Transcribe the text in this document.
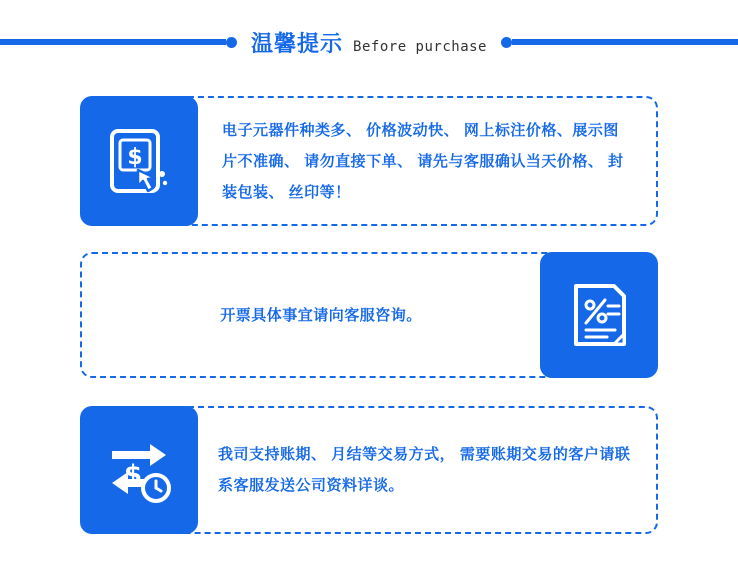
温馨提示 Before purchase
$
电子元器件种类多、 价格波动快、 网上标注价格、展示图片不准确、 请勿直接下单、 请先与客服确认当天价格、 封装包装、 丝印等！
开票具体事宜请向客服咨询。
$
我司支持账期、 月结等交易方式， 需要账期交易的客户请联系客服发送公司资料详谈。
